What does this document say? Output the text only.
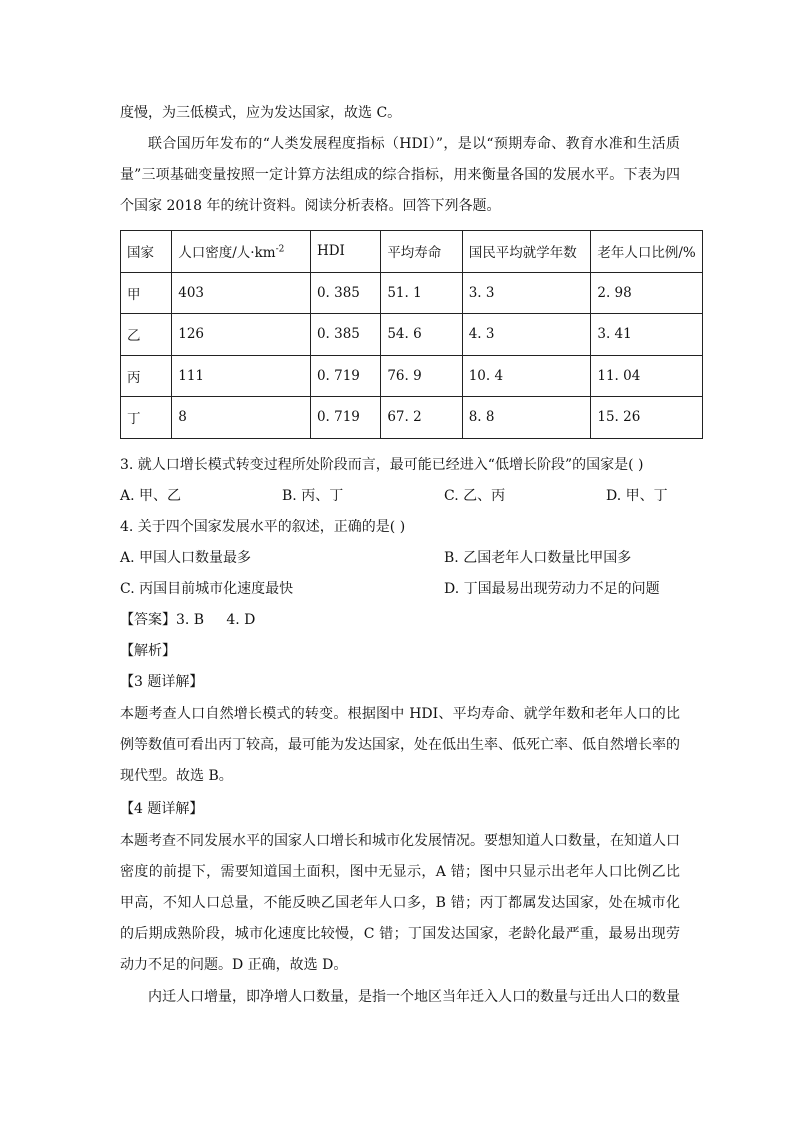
度慢，为三低模式，应为发达国家，故选 C。

联合国历年发布的“人类发展程度指标（HDI）”，是以“预期寿命、教育水准和生活质量”三项基础变量按照一定计算方法组成的综合指标，用来衡量各国的发展水平。下表为四个国家 2018 年的统计资料。阅读分析表格。回答下列各题。

国家	人口密度/人$\cdot km^{-2}$	HDI	平均寿命	国民平均就学年数	老年人口比例/%
甲	403	0. 385	51. 1	3. 3	2. 98
乙	126	0. 385	54. 6	4. 3	3. 41
丙	111	0. 719	76. 9	10. 4	11. 04
丁	8	0. 719	67. 2	8. 8	15. 26
3. 就人口增长模式转变过程所处阶段而言，最可能已经进入“低增长阶段”的国家是( )
A. 甲、乙	B. 丙、丁	C. 乙、丙	D. 甲、丁
4. 关于四个国家发展水平的叙述，正确的是( )
A. 甲国人口数量最多	B. 乙国老年人口数量比甲国多
C. 丙国目前城市化速度最快	D. 丁国最易出现劳动力不足的问题
【答案】3. B     4. D
【解析】
【3 题详解】

本题考查人口自然增长模式的转变。根据图中 HDI、平均寿命、就学年数和老年人口的比例等数值可看出丙丁较高，最可能为发达国家，处在低出生率、低死亡率、低自然增长率的现代型。故选 B。

【4 题详解】

本题考查不同发展水平的国家人口增长和城市化发展情况。要想知道人口数量，在知道人口密度的前提下，需要知道国土面积，图中无显示，A 错；图中只显示出老年人口比例乙比甲高，不知人口总量，不能反映乙国老年人口多，B 错；丙丁都属发达国家，处在城市化的后期成熟阶段，城市化速度比较慢，C 错；丁国发达国家，老龄化最严重，最易出现劳动力不足的问题。D 正确，故选 D。

内迁人口增量，即净增人口数量，是指一个地区当年迁入人口的数量与迁出人口的数量
